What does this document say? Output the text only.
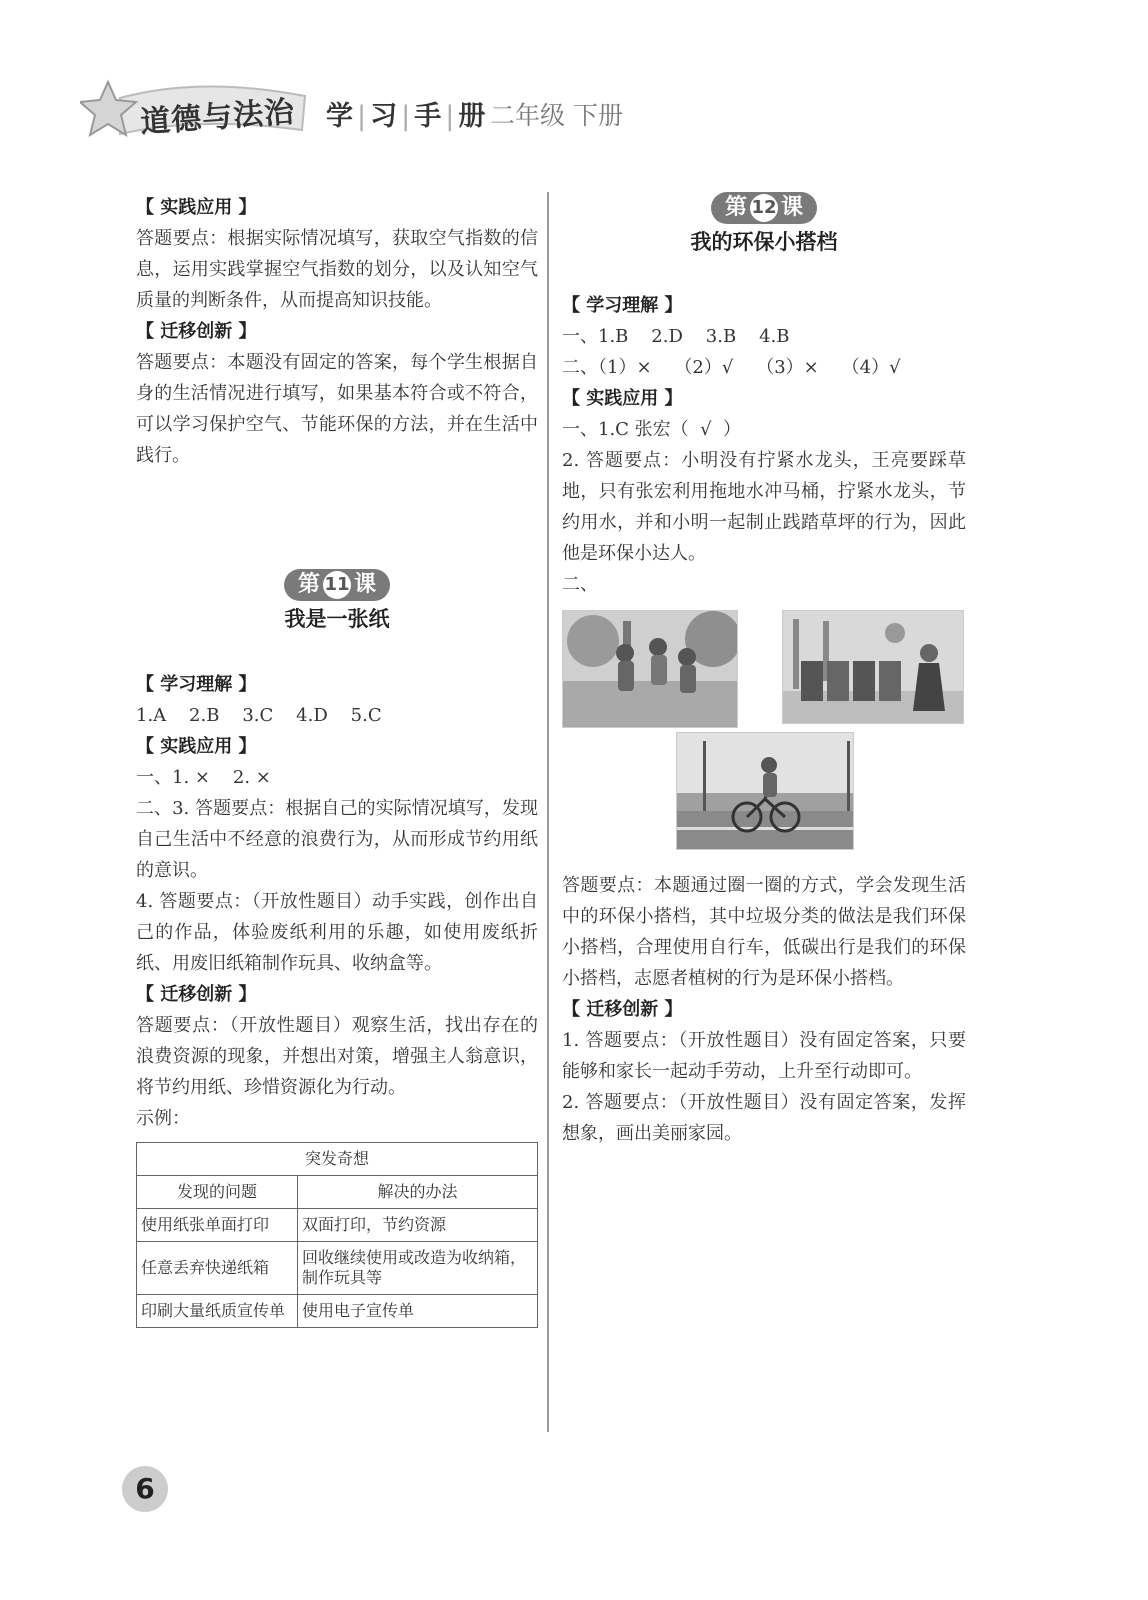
道德与法治 学 | 习 | 手 | 册 二年级 下册
【 实践应用 】
答题要点：根据实际情况填写，获取空气指数的信息，运用实践掌握空气指数的划分，以及认知空气质量的判断条件，从而提高知识技能。
【 迁移创新 】
答题要点：本题没有固定的答案，每个学生根据自身的生活情况进行填写，如果基本符合或不符合，可以学习保护空气、节能环保的方法，并在生活中践行。
第 11 课
我是一张纸
【 学习理解 】
1.A    2.B    3.C    4.D    5.C
【 实践应用 】
一、1. ×    2. ×
二、3. 答题要点：根据自己的实际情况填写，发现自己生活中不经意的浪费行为，从而形成节约用纸的意识。
4. 答题要点：（开放性题目）动手实践，创作出自己的作品，体验废纸利用的乐趣，如使用废纸折纸、用废旧纸箱制作玩具、收纳盒等。
【 迁移创新 】
答题要点：（开放性题目）观察生活，找出存在的浪费资源的现象，并想出对策，增强主人翁意识，将节约用纸、珍惜资源化为行动。
示例：
突发奇想	
发现的问题	解决的办法
使用纸张单面打印	双面打印，节约资源
任意丢弃快递纸箱	回收继续使用或改造为收纳箱，制作玩具等
印刷大量纸质宣传单	使用电子宣传单
第 12 课
我的环保小搭档
【 学习理解 】
一、1.B    2.D    3.B    4.B
二、（1）×    （2）√    （3）×    （4）√
【 实践应用 】
一、1.C 张宏（  √  ）
2. 答题要点：小明没有拧紧水龙头，王亮要踩草地，只有张宏利用拖地水冲马桶，拧紧水龙头，节约用水，并和小明一起制止践踏草坪的行为，因此他是环保小达人。
二、
答题要点：本题通过圈一圈的方式，学会发现生活中的环保小搭档，其中垃圾分类的做法是我们环保小搭档，合理使用自行车，低碳出行是我们的环保小搭档，志愿者植树的行为是环保小搭档。
【 迁移创新 】
1. 答题要点：（开放性题目）没有固定答案，只要能够和家长一起动手劳动，上升至行动即可。
2. 答题要点：（开放性题目）没有固定答案，发挥想象，画出美丽家园。
6
